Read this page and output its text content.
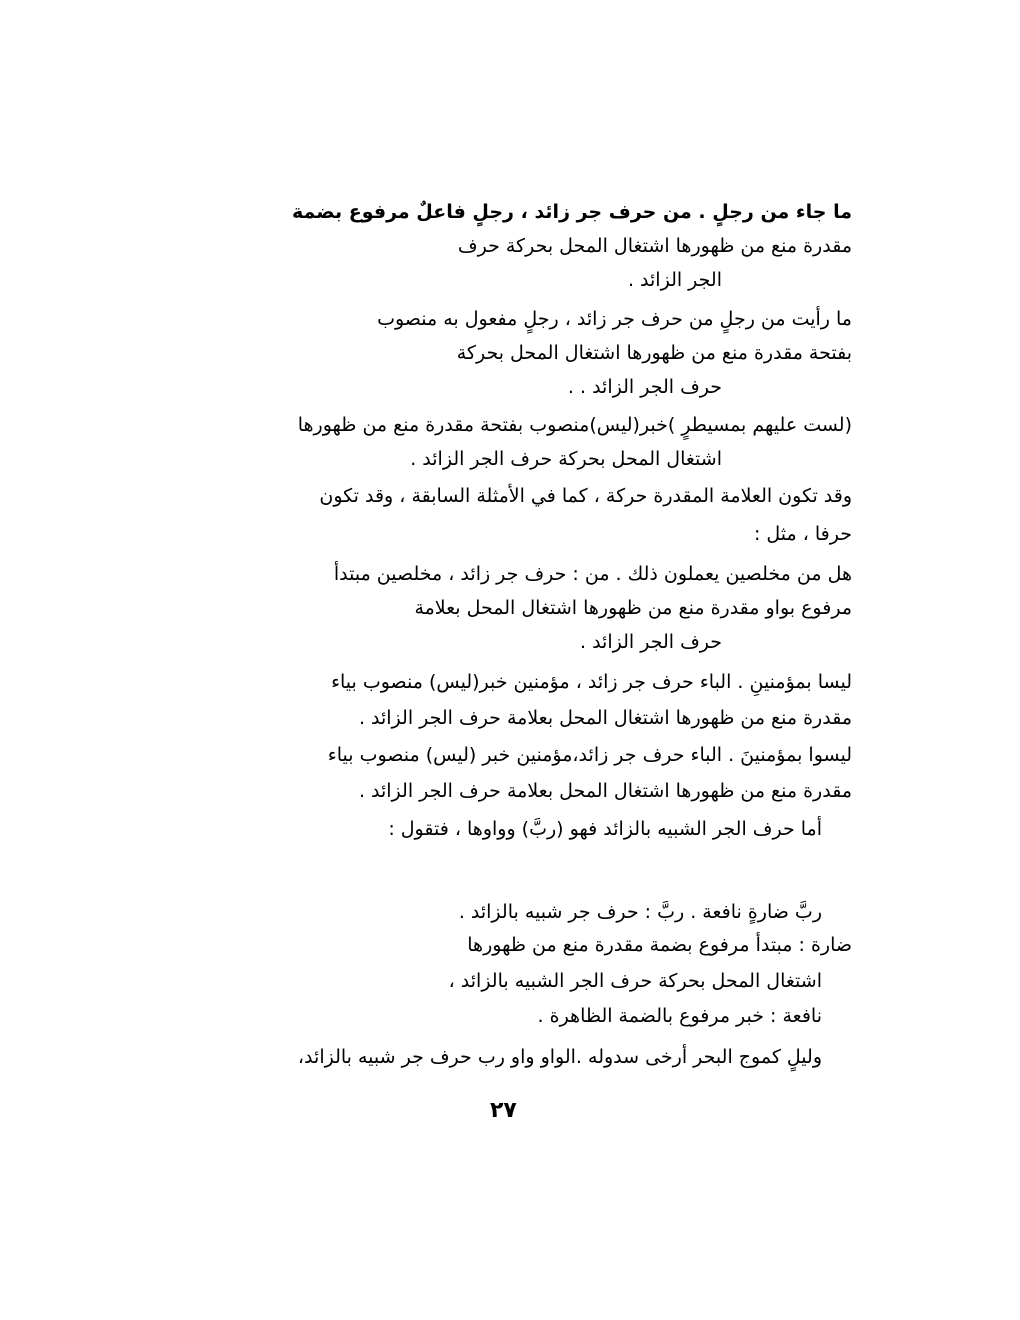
ما جاء من رجلٍ . من حرف جر زائد ، رجلٍ فاعلٌ مرفوع بضمة
مقدرة منع من ظهورها اشتغال المحل بحركة حرف
الجر الزائد .
ما رأيت من رجلٍ من حرف جر زائد ، رجلٍ مفعول به منصوب
بفتحة مقدرة منع من ظهورها اشتغال المحل بحركة
حرف الجر الزائد . .
(لست عليهم بمسيطرٍ )خبر(ليس)منصوب بفتحة مقدرة منع من ظهورها
اشتغال المحل بحركة حرف الجر الزائد .
وقد تكون العلامة المقدرة حركة ، كما في الأمثلة السابقة ، وقد تكون
حرفا ، مثل :
هل من مخلصين يعملون ذلك . من : حرف جر زائد ، مخلصين مبتدأ
مرفوع بواو مقدرة منع من ظهورها اشتغال المحل بعلامة
حرف الجر الزائد .
ليسا بمؤمنينِ . الباء حرف جر زائد ، مؤمنين خبر(ليس) منصوب بياء
مقدرة منع من ظهورها اشتغال المحل بعلامة حرف الجر الزائد .
ليسوا بمؤمنينَ . الباء حرف جر زائد،مؤمنين خبر (ليس) منصوب بياء
مقدرة منع من ظهورها اشتغال المحل بعلامة حرف الجر الزائد .
أما حرف الجر الشبيه بالزائد فهو (ربَّ) وواوها ، فتقول :
ربَّ ضارةٍ نافعة . ربَّ : حرف جر شبيه بالزائد .
ضارة : مبتدأ مرفوع بضمة مقدرة منع من ظهورها
اشتغال المحل بحركة حرف الجر الشبيه بالزائد ،
نافعة : خبر مرفوع بالضمة الظاهرة .
وليلٍ كموج البحر أرخى سدوله .الواو واو رب حرف جر شبيه بالزائد،
٢٧
